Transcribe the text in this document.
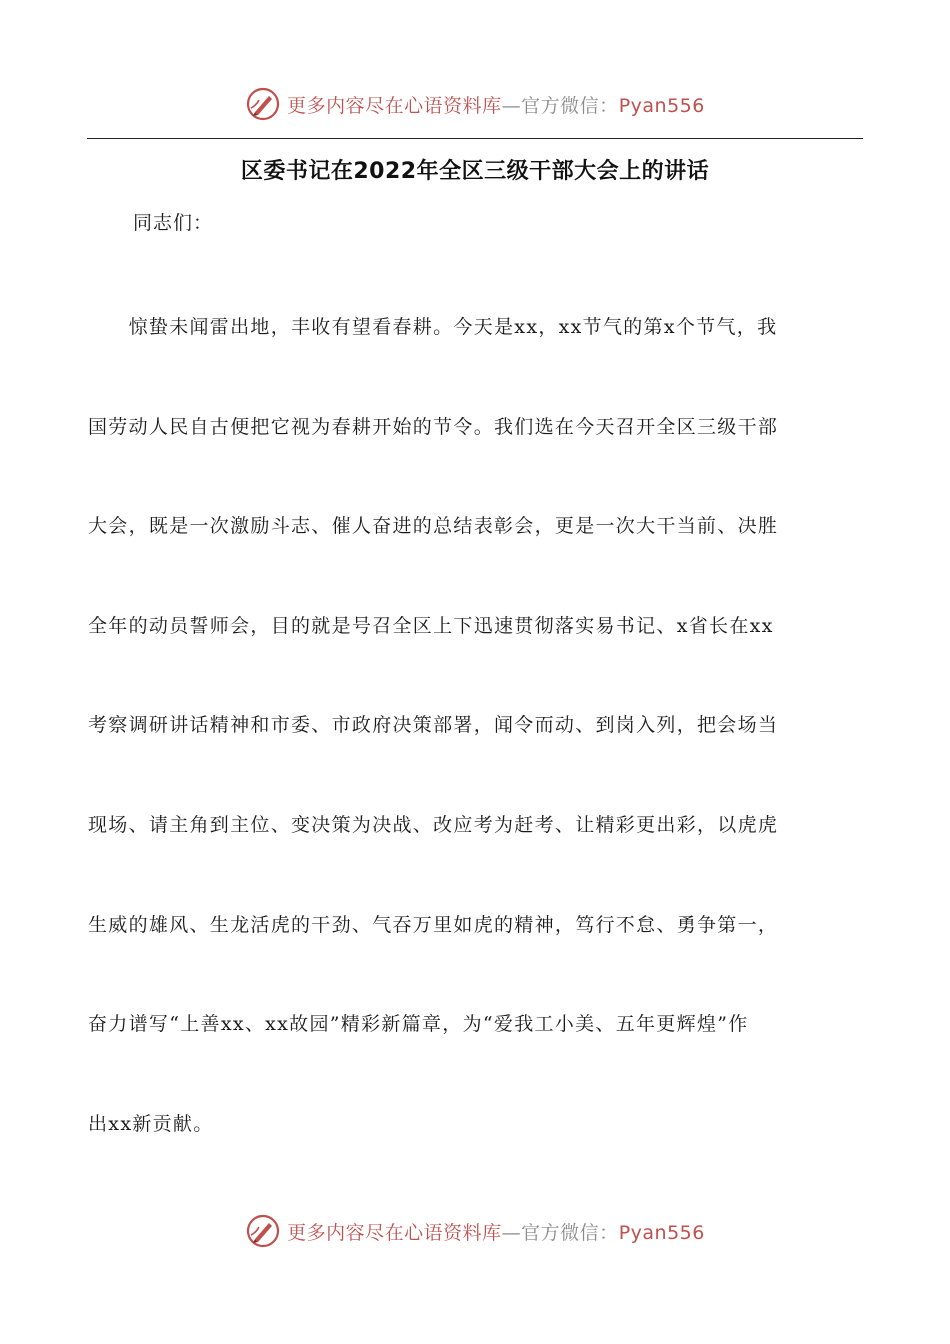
更多内容尽在心语资料库—官方微信：Pyan556
区委书记在2022年全区三级干部大会上的讲话
同志们：
　　惊蛰未闻雷出地，丰收有望看春耕。今天是xx，xx节气的第x个节气，我
国劳动人民自古便把它视为春耕开始的节令。我们选在今天召开全区三级干部
大会，既是一次激励斗志、催人奋进的总结表彰会，更是一次大干当前、决胜
全年的动员誓师会，目的就是号召全区上下迅速贯彻落实易书记、x省长在xx
考察调研讲话精神和市委、市政府决策部署，闻令而动、到岗入列，把会场当
现场、请主角到主位、变决策为决战、改应考为赶考、让精彩更出彩，以虎虎
生威的雄风、生龙活虎的干劲、气吞万里如虎的精神，笃行不怠、勇争第一，
奋力谱写“上善xx、xx故园”精彩新篇章，为“爱我工小美、五年更辉煌”作
出xx新贡献。
更多内容尽在心语资料库—官方微信：Pyan556
